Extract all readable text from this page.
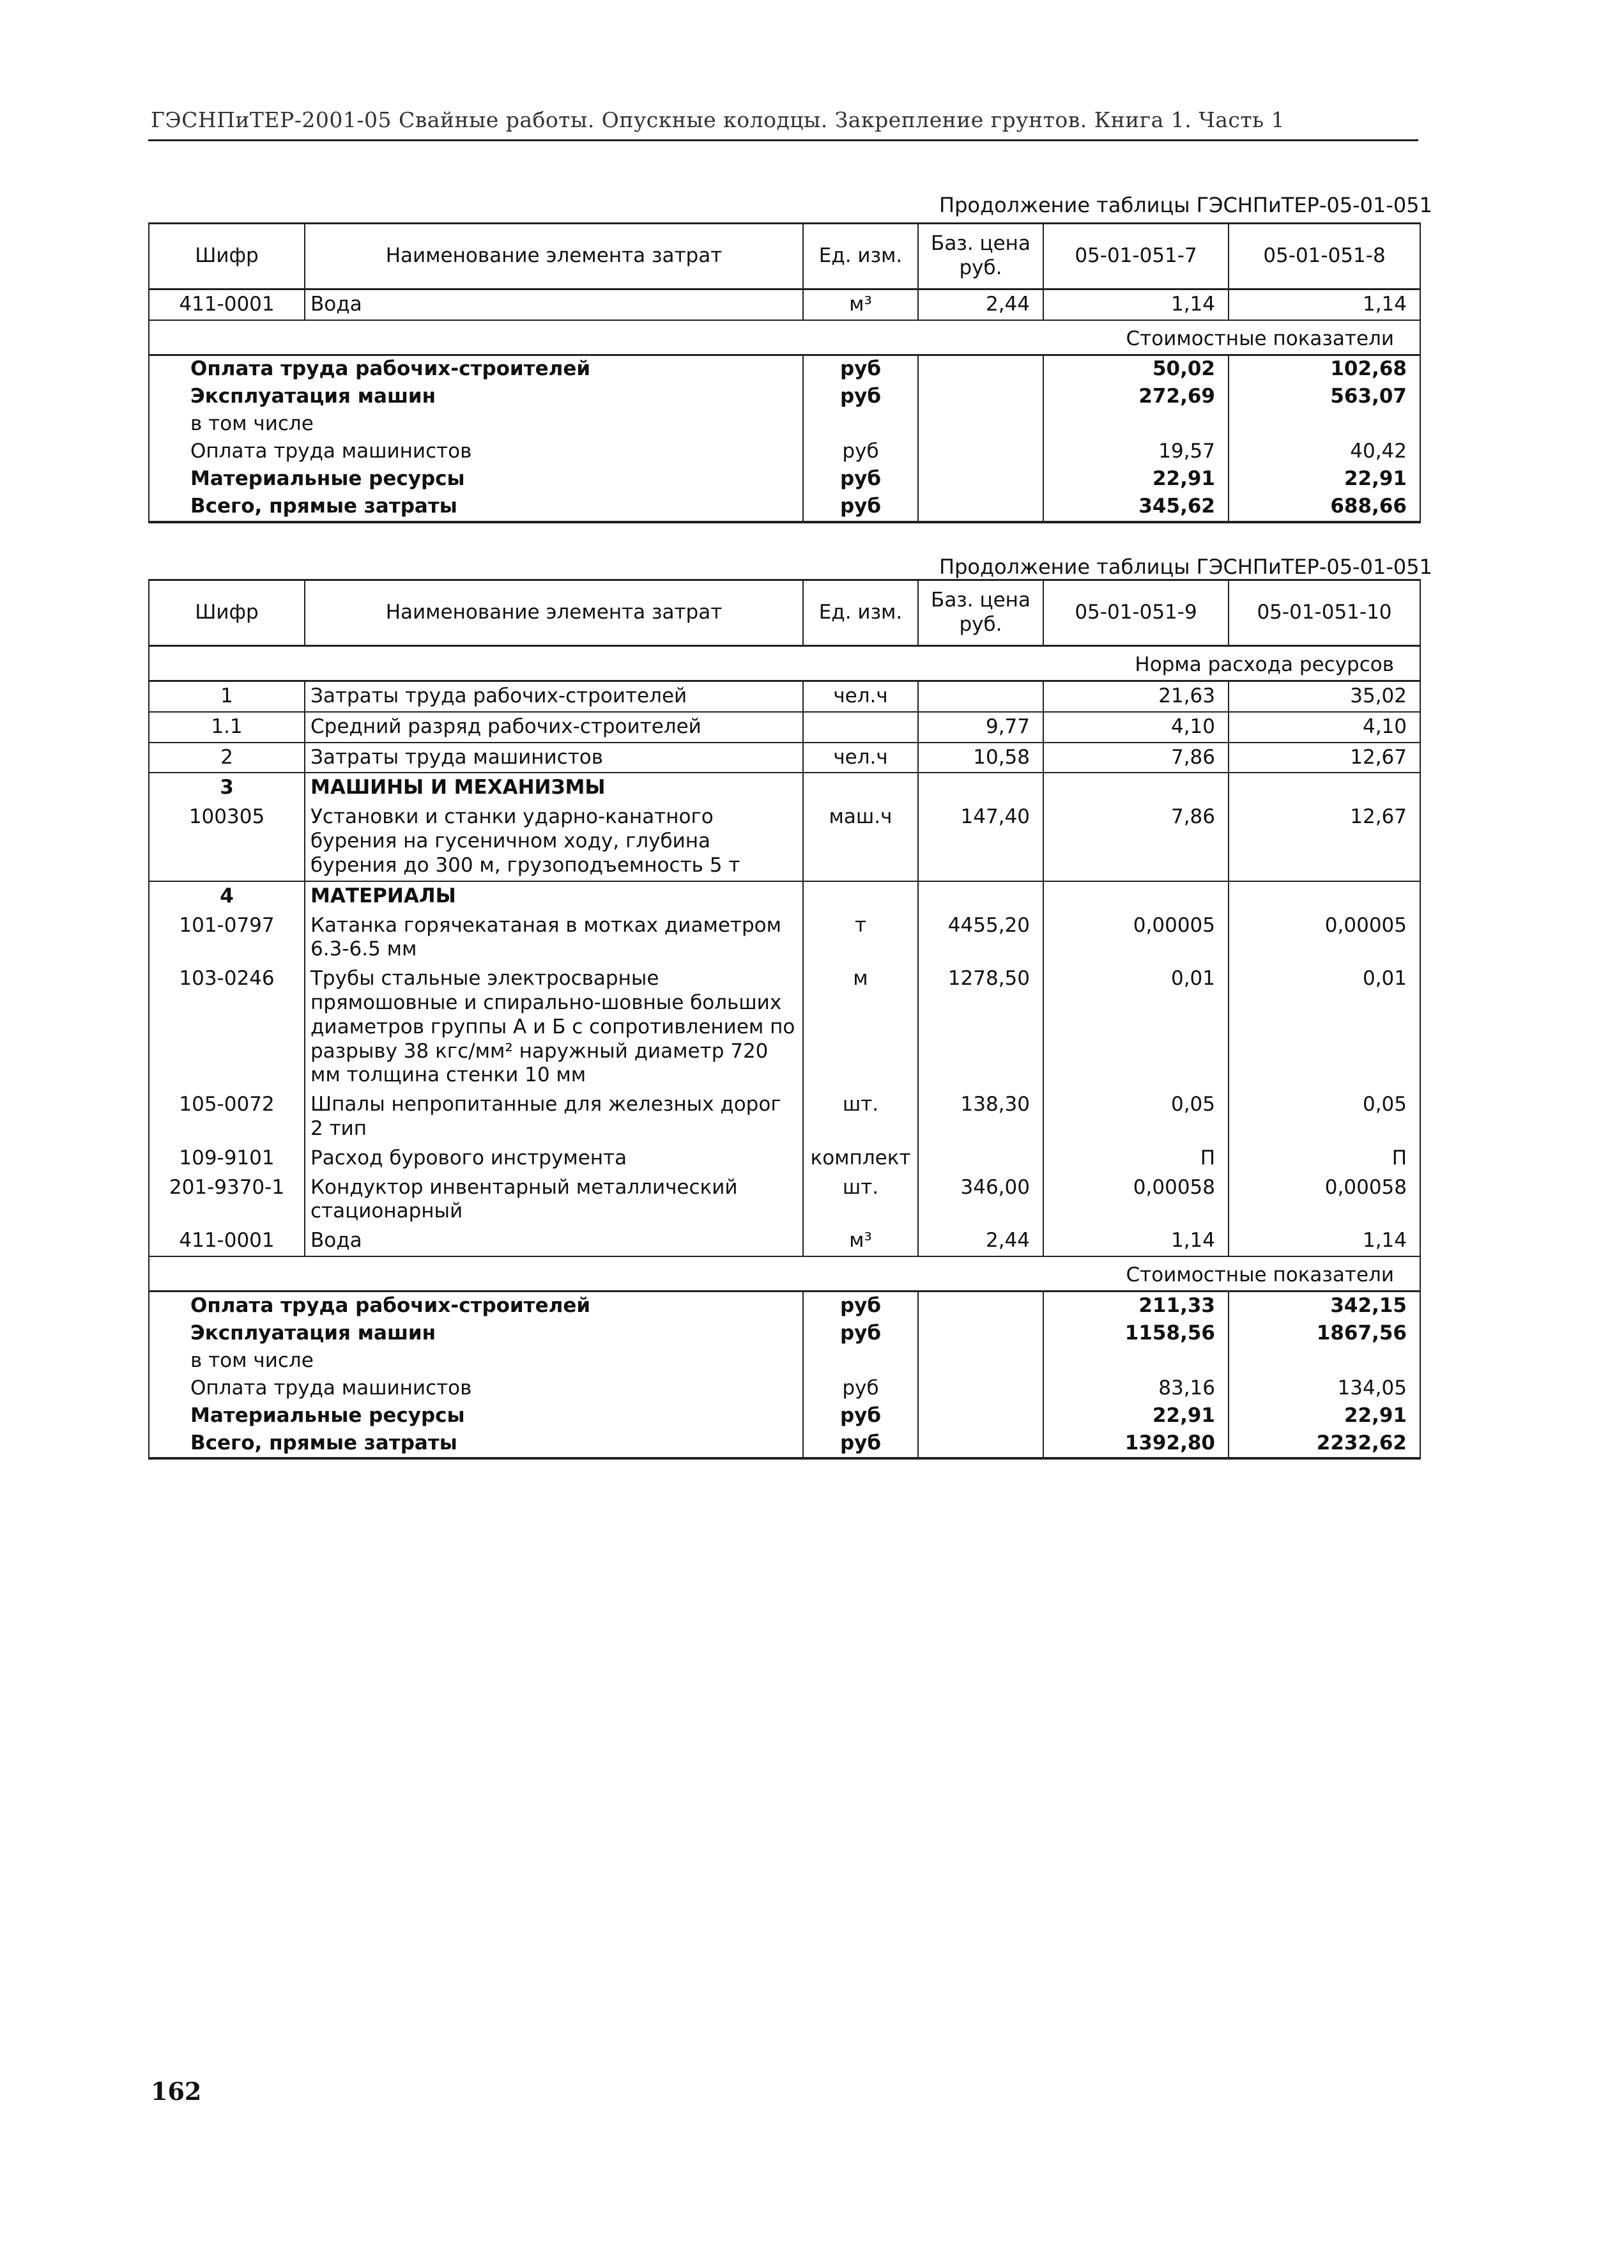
ГЭСНПиТЕР-2001-05 Свайные работы. Опускные колодцы. Закрепление грунтов. Книга 1. Часть 1
Продолжение таблицы ГЭСНПиТЕР-05-01-051
Шифр	Наименование элемента затрат	Ед. изм.	Баз. цена руб.	05-01-051-7	05-01-051-8
411-0001	Вода	м³	2,44	1,14	1,14
Стоимостные показатели					
Оплата труда рабочих-строителей		руб		50,02	102,68
Эксплуатация машин		руб		272,69	563,07
в том числе					
Оплата труда машинистов		руб		19,57	40,42
Материальные ресурсы		руб		22,91	22,91
Всего, прямые затраты		руб		345,62	688,66
Продолжение таблицы ГЭСНПиТЕР-05-01-051
Шифр	Наименование элемента затрат	Ед. изм.	Баз. цена руб.	05-01-051-9	05-01-051-10
Норма расхода ресурсов					
1	Затраты труда рабочих-строителей	чел.ч		21,63	35,02
1.1	Средний разряд рабочих-строителей		9,77	4,10	4,10
2	Затраты труда машинистов	чел.ч	10,58	7,86	12,67
3	МАШИНЫ И МЕХАНИЗМЫ				
100305	Установки и станки ударно-канатного бурения на гусеничном ходу, глубина бурения до 300 м, грузоподъемность 5 т	маш.ч	147,40	7,86	12,67
4	МАТЕРИАЛЫ				
101-0797	Катанка горячекатаная в мотках диаметром 6.3-6.5 мм	т	4455,20	0,00005	0,00005
103-0246	Трубы стальные электросварные прямошовные и спирально-шовные больших диаметров группы А и Б с сопротивлением по разрыву 38 кгс/мм² наружный диаметр 720 мм толщина стенки 10 мм	м	1278,50	0,01	0,01
105-0072	Шпалы непропитанные для железных дорог 2 тип	шт.	138,30	0,05	0,05
109-9101	Расход бурового инструмента	комплект		П	П
201-9370-1	Кондуктор инвентарный металлический стационарный	шт.	346,00	0,00058	0,00058
411-0001	Вода	м³	2,44	1,14	1,14
Стоимостные показатели					
Оплата труда рабочих-строителей		руб		211,33	342,15
Эксплуатация машин		руб		1158,56	1867,56
в том числе					
Оплата труда машинистов		руб		83,16	134,05
Материальные ресурсы		руб		22,91	22,91
Всего, прямые затраты		руб		1392,80	2232,62
162
